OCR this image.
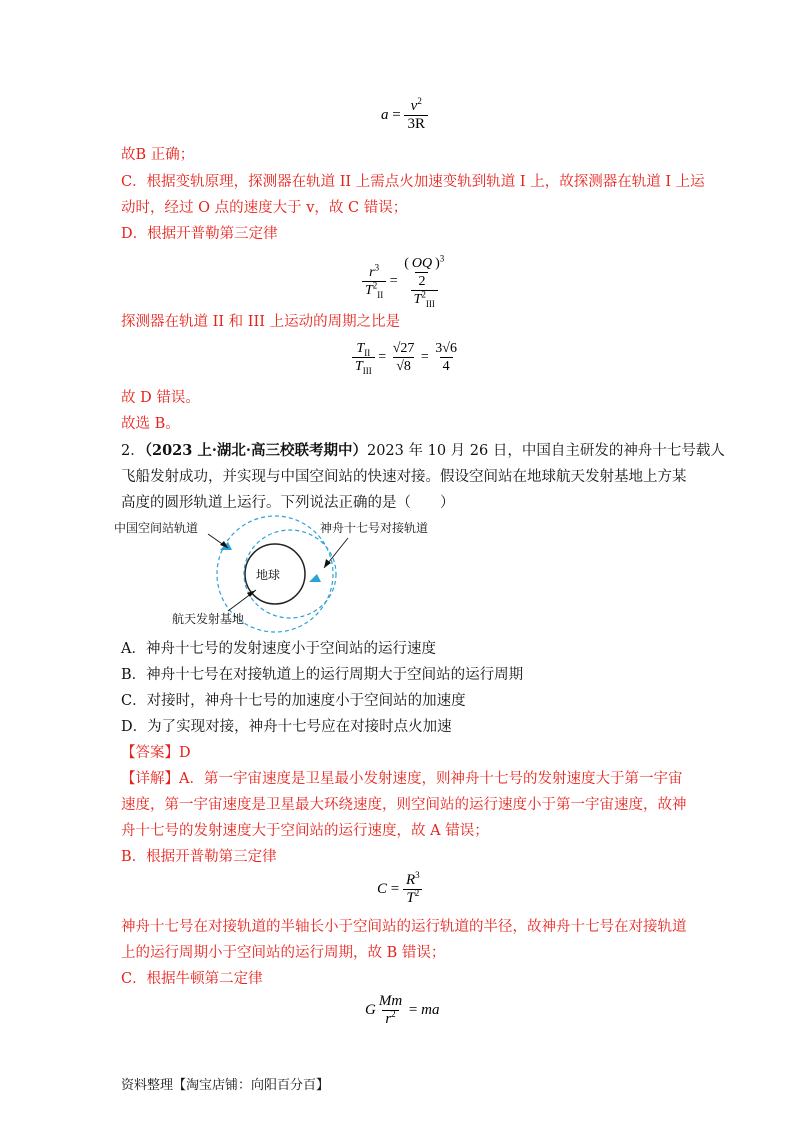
$a = \frac{v^2}{3R}$
故B 正确；
C．根据变轨原理，探测器在轨道 II 上需点火加速变轨到轨道 I 上，故探测器在轨道 I 上运
动时，经过 O 点的速度大于 v，故 C 错误；
D．根据开普勒第三定律
$\frac{r^3}{T^2_{II}} = \frac{( \frac{OQ}{2} )^3}{T^2_{III}}$
探测器在轨道 II 和 III 上运动的周期之比是
$\frac{T_{II}}{T_{III}} = \frac{√27}{√8} = \frac{3√6}{4}$
故 D 错误。
故选 B。
2．（2023 上·湖北·高三校联考期中）2023 年 10 月 26 日，中国自主研发的神舟十七号载人
飞船发射成功，并实现与中国空间站的快速对接。假设空间站在地球航天发射基地上方某
高度的圆形轨道上运行。下列说法正确的是（　　）
中国空间站轨道	神舟十七号对接轨道
地球
航天发射基地
A．神舟十七号的发射速度小于空间站的运行速度
B．神舟十七号在对接轨道上的运行周期大于空间站的运行周期
C．对接时，神舟十七号的加速度小于空间站的加速度
D．为了实现对接，神舟十七号应在对接时点火加速
【答案】D
【详解】A．第一宇宙速度是卫星最小发射速度，则神舟十七号的发射速度大于第一宇宙
速度，第一宇宙速度是卫星最大环绕速度，则空间站的运行速度小于第一宇宙速度，故神
舟十七号的发射速度大于空间站的运行速度，故 A 错误；
B．根据开普勒第三定律
$C = \frac{R^3}{T^2}$
神舟十七号在对接轨道的半轴长小于空间站的运行轨道的半径，故神舟十七号在对接轨道
上的运行周期小于空间站的运行周期，故 B 错误；
C．根据牛顿第二定律
G $\frac{Mm}{r^2}$ = ma
资料整理【淘宝店铺：向阳百分百】
